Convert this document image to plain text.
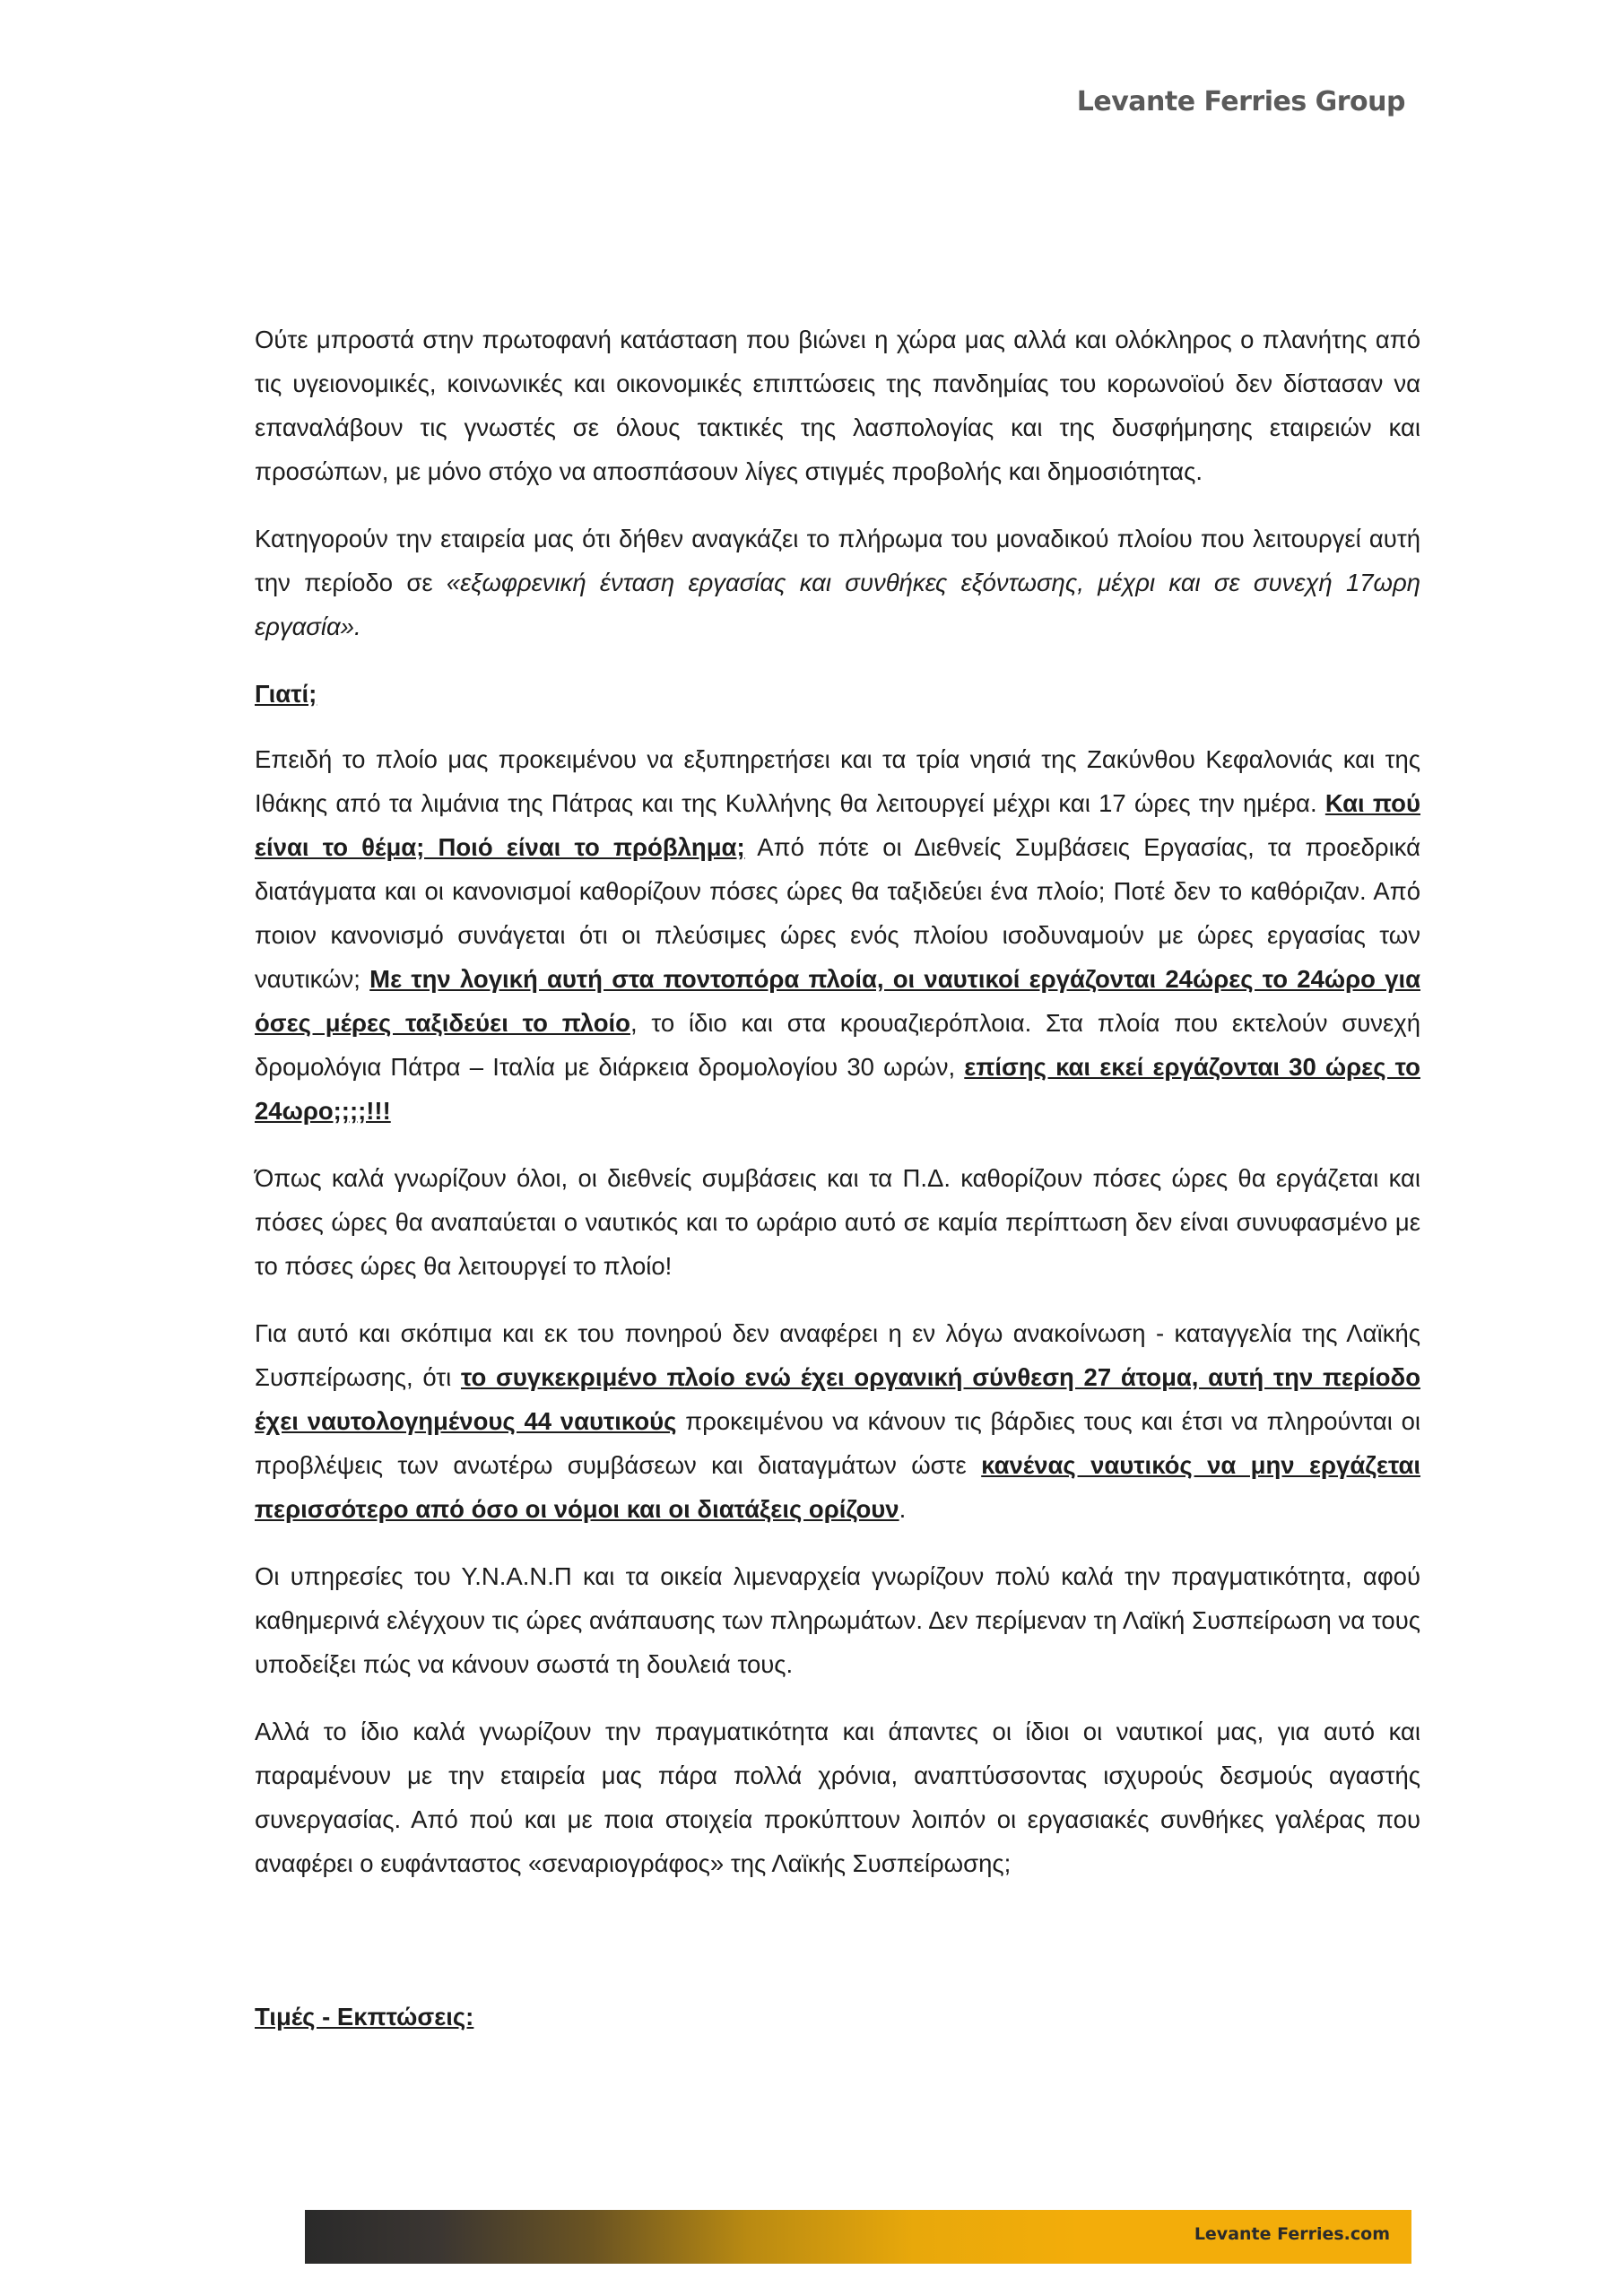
Levante Ferries Group

Ούτε μπροστά στην πρωτοφανή κατάσταση που βιώνει η χώρα μας αλλά και ολόκληρος ο πλανήτης από τις υγειονομικές, κοινωνικές και οικονομικές επιπτώσεις της πανδημίας του κορωνοϊού δεν δίστασαν να επαναλάβουν τις γνωστές σε όλους τακτικές της λασπολογίας και της δυσφήμησης εταιρειών και προσώπων, με μόνο στόχο να αποσπάσουν λίγες στιγμές προβολής και δημοσιότητας.

Κατηγορούν την εταιρεία μας ότι δήθεν αναγκάζει το πλήρωμα του μοναδικού πλοίου που λειτουργεί αυτή την περίοδο σε «εξωφρενική ένταση εργασίας και συνθήκες εξόντωσης, μέχρι και σε συνεχή 17ωρη εργασία».

Γιατί;

Επειδή το πλοίο μας προκειμένου να εξυπηρετήσει και τα τρία νησιά της Ζακύνθου Κεφαλονιάς και της Ιθάκης από τα λιμάνια της Πάτρας και της Κυλλήνης θα λειτουργεί μέχρι και 17 ώρες την ημέρα. Και πού είναι το θέμα; Ποιό είναι το πρόβλημα; Από πότε οι Διεθνείς Συμβάσεις Εργασίας, τα προεδρικά διατάγματα και οι κανονισμοί καθορίζουν πόσες ώρες θα ταξιδεύει ένα πλοίο; Ποτέ δεν το καθόριζαν. Από ποιον κανονισμό συνάγεται ότι οι πλεύσιμες ώρες ενός πλοίου ισοδυναμούν με ώρες εργασίας των ναυτικών; Με την λογική αυτή στα ποντοπόρα πλοία, οι ναυτικοί εργάζονται 24ώρες το 24ώρο για όσες μέρες ταξιδεύει το πλοίο, το ίδιο και στα κρουαζιερόπλοια. Στα πλοία που εκτελούν συνεχή δρομολόγια Πάτρα – Ιταλία με διάρκεια δρομολογίου 30 ωρών, επίσης και εκεί εργάζονται 30 ώρες το 24ωρο;;;;!!!

Όπως καλά γνωρίζουν όλοι, οι διεθνείς συμβάσεις και τα Π.Δ. καθορίζουν πόσες ώρες θα εργάζεται και πόσες ώρες θα αναπαύεται ο ναυτικός και το ωράριο αυτό σε καμία περίπτωση δεν είναι συνυφασμένο με το πόσες ώρες θα λειτουργεί το πλοίο!

Για αυτό και σκόπιμα και εκ του πονηρού δεν αναφέρει η εν λόγω ανακοίνωση - καταγγελία της Λαϊκής Συσπείρωσης, ότι το συγκεκριμένο πλοίο ενώ έχει οργανική σύνθεση 27 άτομα, αυτή την περίοδο έχει ναυτολογημένους 44 ναυτικούς προκειμένου να κάνουν τις βάρδιες τους και έτσι να πληρούνται οι προβλέψεις των ανωτέρω συμβάσεων και διαταγμάτων ώστε κανένας ναυτικός να μην εργάζεται περισσότερο από όσο οι νόμοι και οι διατάξεις ορίζουν.

Οι υπηρεσίες του Υ.Ν.Α.Ν.Π και τα οικεία λιμεναρχεία γνωρίζουν πολύ καλά την πραγματικότητα, αφού καθημερινά ελέγχουν τις ώρες ανάπαυσης των πληρωμάτων. Δεν περίμεναν τη Λαϊκή Συσπείρωση να τους υποδείξει πώς να κάνουν σωστά τη δουλειά τους.

Αλλά το ίδιο καλά γνωρίζουν την πραγματικότητα και άπαντες οι ίδιοι οι ναυτικοί μας, για αυτό και παραμένουν με την εταιρεία μας πάρα πολλά χρόνια, αναπτύσσοντας ισχυρούς δεσμούς αγαστής συνεργασίας. Από πού και με ποια στοιχεία προκύπτουν λοιπόν οι εργασιακές συνθήκες γαλέρας που αναφέρει ο ευφάνταστος «σεναριογράφος» της Λαϊκής Συσπείρωσης;

Τιμές - Εκπτώσεις:

Levante Ferries.com
